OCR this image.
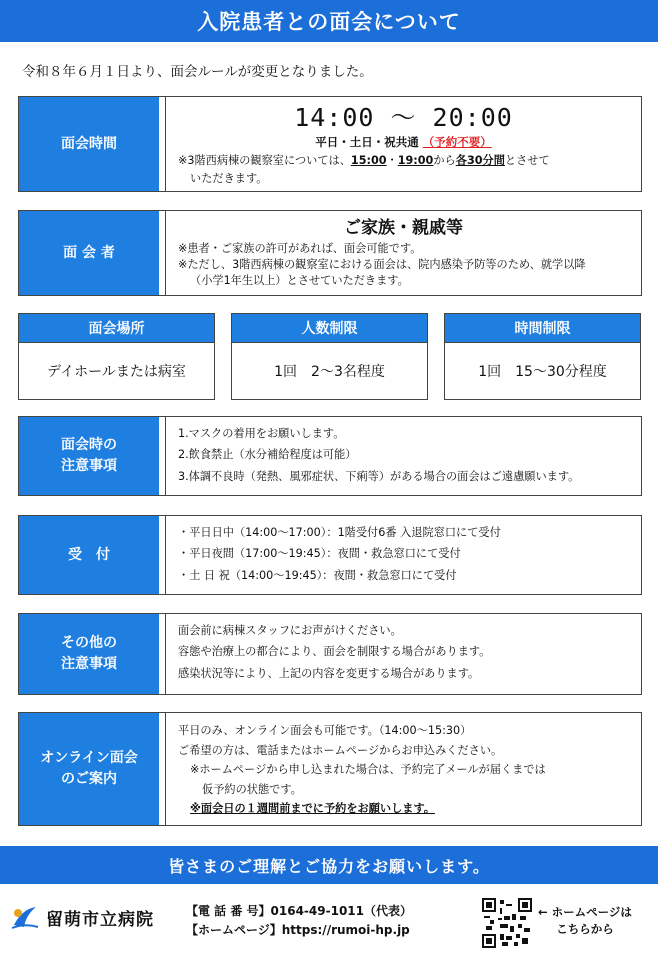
入院患者との面会について
令和８年６月１日より、面会ルールが変更となりました。
面会時間
14:00 ～ 20:00
平日・土日・祝共通 （予約不要）
※3階西病棟の観察室については、15:00・19:00から各30分間とさせて
いただきます。
面 会 者
ご家族・親戚等
※患者・ご家族の許可があれば、面会可能です。
※ただし、3階西病棟の観察室における面会は、院内感染予防等のため、就学以降
（小学1年生以上）とさせていただきます。
面会場所
デイホールまたは病室
人数制限
1回　2～3名程度
時間制限
1回　15～30分程度
面会時の
注意事項
1.マスクの着用をお願いします。
2.飲食禁止（水分補給程度は可能）
3.体調不良時（発熱、風邪症状、下痢等）がある場合の面会はご遠慮願います。
受　付
・平日日中（14:00～17:00）：1階受付6番 入退院窓口にて受付
・平日夜間（17:00～19:45）：夜間・救急窓口にて受付
・土 日 祝（14:00～19:45）：夜間・救急窓口にて受付
その他の
注意事項
面会前に病棟スタッフにお声がけください。
容態や治療上の都合により、面会を制限する場合があります。
感染状況等により、上記の内容を変更する場合があります。
オンライン面会
のご案内
平日のみ、オンライン面会も可能です。（14:00～15:30）
ご希望の方は、電話またはホームページからお申込みください。
※ホームページから申し込まれた場合は、予約完了メールが届くまでは
仮予約の状態です。
※面会日の１週間前までに予約をお願いします。
皆さまのご理解とご協力をお願いします。
留萌市立病院	【電 話 番 号】0164-49-1011（代表）
【ホームページ】https://rumoi-hp.jp
← ホームページは
こちらから
